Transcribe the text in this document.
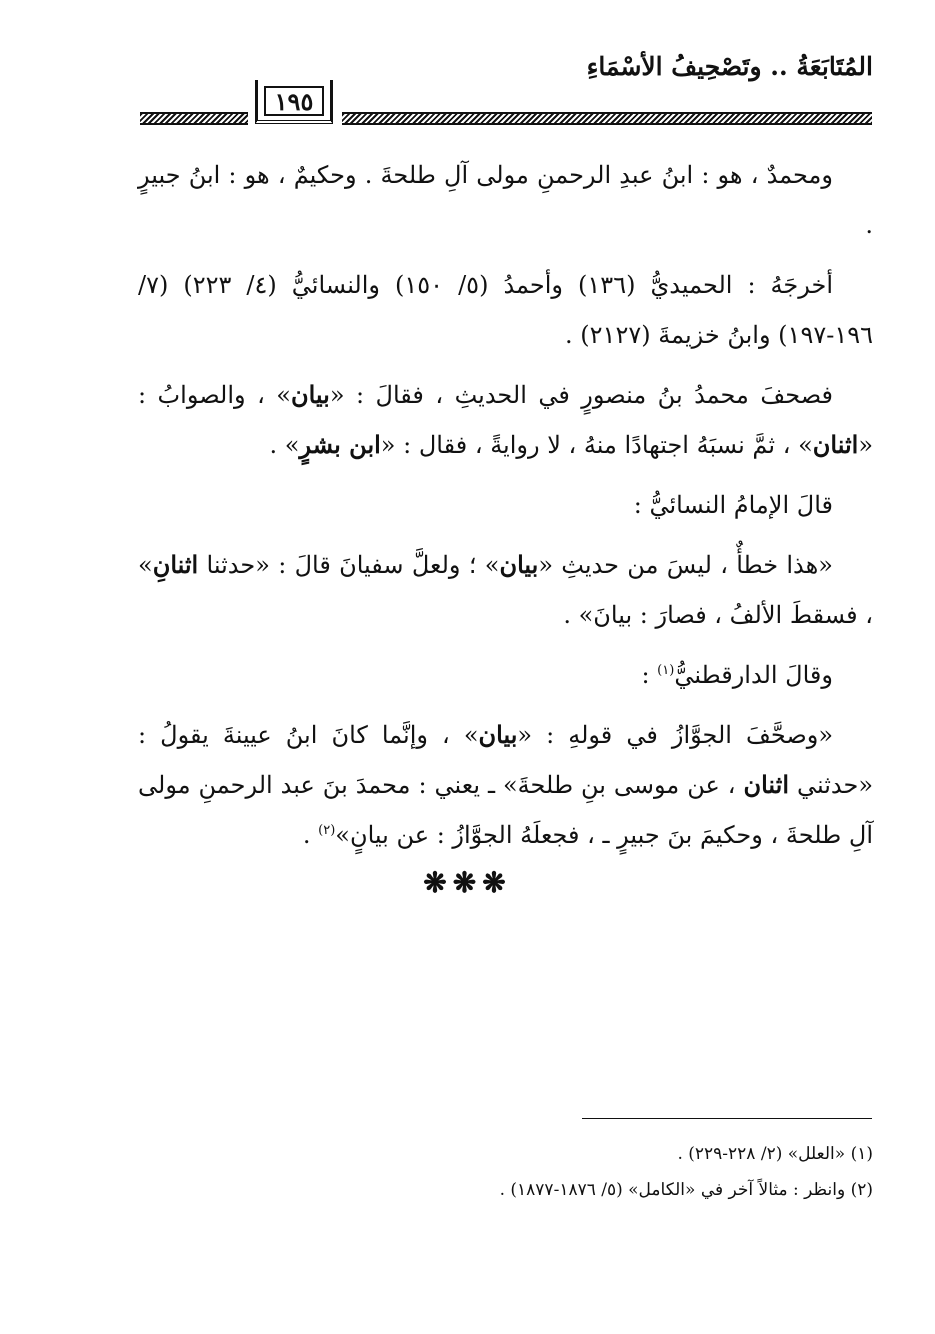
المُتَابَعَةُ .. وتَصْحِيفُ الأسْمَاءِ
١٩٥

ومحمدٌ ، هو : ابنُ عبدِ الرحمنِ مولى آلِ طلحةَ . وحكيمٌ ، هو : ابنُ جبيرٍ .

أخرجَهُ : الحميديُّ (١٣٦) وأحمدُ (٥/ ١٥٠) والنسائيُّ (٤/ ٢٢٣) (٧/ ١٩٦-١٩٧) وابنُ خزيمةَ (٢١٢٧) .

فصحفَ محمدُ بنُ منصورٍ في الحديثِ ، فقالَ : «بيان» ، والصوابُ : «اثنان» ، ثمَّ نسبَهُ اجتهادًا منهُ ، لا روايةً ، فقال : «ابن بشرٍ» .

قالَ الإمامُ النسائيُّ :

«هذا خطأٌ ، ليسَ من حديثِ «بيان» ؛ ولعلَّ سفيانَ قالَ : «حدثنا اثنانِ» ، فسقطَ الألفُ ، فصارَ : بيانَ» .

وقالَ الدارقطنيُّ$^{(١)}$ :

«وصحَّفَ الجوَّازُ في قولهِ : «بيان» ، وإنَّما كانَ ابنُ عيينةَ يقولُ : «حدثني اثنان ، عن موسى بنِ طلحةَ» ـ يعني : محمدَ بنَ عبد الرحمنِ مولى آلِ طلحةَ ، وحكيمَ بنَ جبيرٍ ـ ، فجعلَهُ الجوَّازُ : عن بيانٍ»$^{(٢)}$ .

❋❋❋

(١) «العلل» (٢/ ٢٢٨-٢٢٩) .

(٢) وانظر : مثالاً آخر في «الكامل» (٥/ ١٨٧٦-١٨٧٧) .
